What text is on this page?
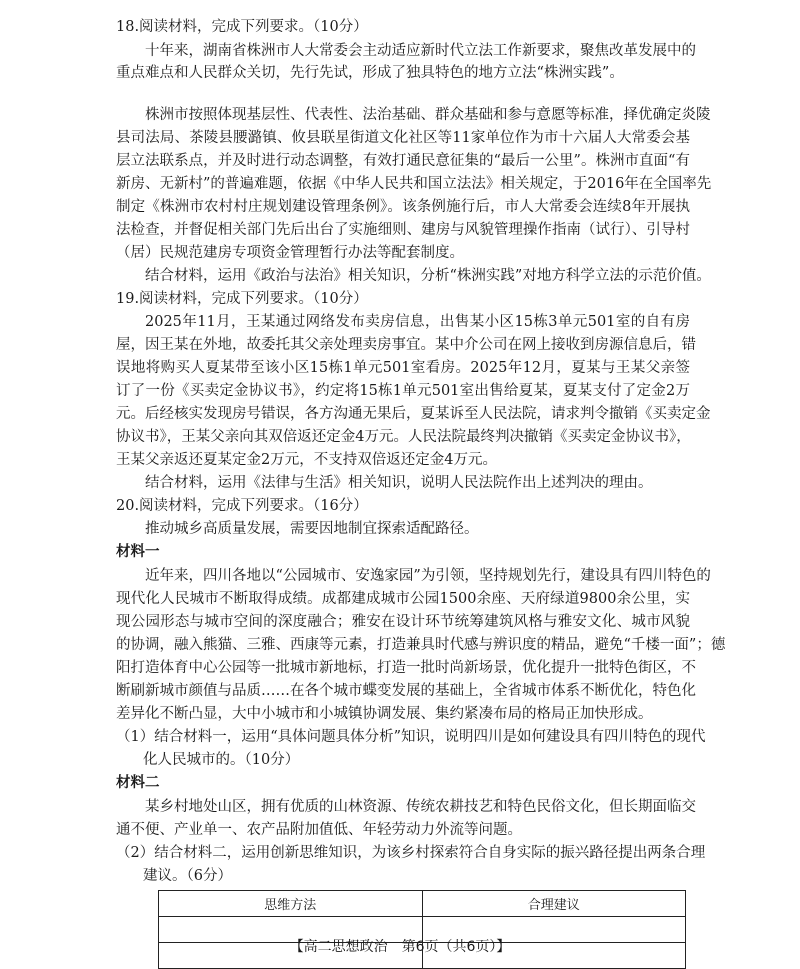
18.阅读材料，完成下列要求。（10分）
十年来，湖南省株洲市人大常委会主动适应新时代立法工作新要求，聚焦改革发展中的
重点难点和人民群众关切，先行先试，形成了独具特色的地方立法“株洲实践”。
株洲市按照体现基层性、代表性、法治基础、群众基础和参与意愿等标准，择优确定炎陵
县司法局、茶陵县腰潞镇、攸县联星街道文化社区等11家单位作为市十六届人大常委会基
层立法联系点，并及时进行动态调整，有效打通民意征集的“最后一公里”。株洲市直面“有
新房、无新村”的普遍难题，依据《中华人民共和国立法法》相关规定，于2016年在全国率先
制定《株洲市农村村庄规划建设管理条例》。该条例施行后，市人大常委会连续8年开展执
法检查，并督促相关部门先后出台了实施细则、建房与风貌管理操作指南（试行）、引导村
（居）民规范建房专项资金管理暂行办法等配套制度。
结合材料，运用《政治与法治》相关知识，分析“株洲实践”对地方科学立法的示范价值。
19.阅读材料，完成下列要求。（10分）
2025年11月，王某通过网络发布卖房信息，出售某小区15栋3单元501室的自有房
屋，因王某在外地，故委托其父亲处理卖房事宜。某中介公司在网上接收到房源信息后，错
误地将购买人夏某带至该小区15栋1单元501室看房。2025年12月，夏某与王某父亲签
订了一份《买卖定金协议书》，约定将15栋1单元501室出售给夏某，夏某支付了定金2万
元。后经核实发现房号错误，各方沟通无果后，夏某诉至人民法院，请求判令撤销《买卖定金
协议书》，王某父亲向其双倍返还定金4万元。人民法院最终判决撤销《买卖定金协议书》，
王某父亲返还夏某定金2万元，不支持双倍返还定金4万元。
结合材料，运用《法律与生活》相关知识，说明人民法院作出上述判决的理由。
20.阅读材料，完成下列要求。（16分）
推动城乡高质量发展，需要因地制宜探索适配路径。
材料一
近年来，四川各地以“公园城市、安逸家园”为引领，坚持规划先行，建设具有四川特色的
现代化人民城市不断取得成绩。成都建成城市公园1500余座、天府绿道9800余公里，实
现公园形态与城市空间的深度融合；雅安在设计环节统筹建筑风格与雅安文化、城市风貌
的协调，融入熊猫、三雅、西康等元素，打造兼具时代感与辨识度的精品，避免“千楼一面”；德
阳打造体育中心公园等一批城市新地标，打造一批时尚新场景，优化提升一批特色街区，不
断刷新城市颜值与品质……在各个城市蝶变发展的基础上，全省城市体系不断优化，特色化
差异化不断凸显，大中小城市和小城镇协调发展、集约紧凑布局的格局正加快形成。
（1）结合材料一，运用“具体问题具体分析”知识，说明四川是如何建设具有四川特色的现代
化人民城市的。（10分）
材料二
某乡村地处山区，拥有优质的山林资源、传统农耕技艺和特色民俗文化，但长期面临交
通不便、产业单一、农产品附加值低、年轻劳动力外流等问题。
（2）结合材料二，运用创新思维知识，为该乡村探索符合自身实际的振兴路径提出两条合理
建议。（6分）
思维方法	合理建议

【高二思想政治　第6页（共6页）】
